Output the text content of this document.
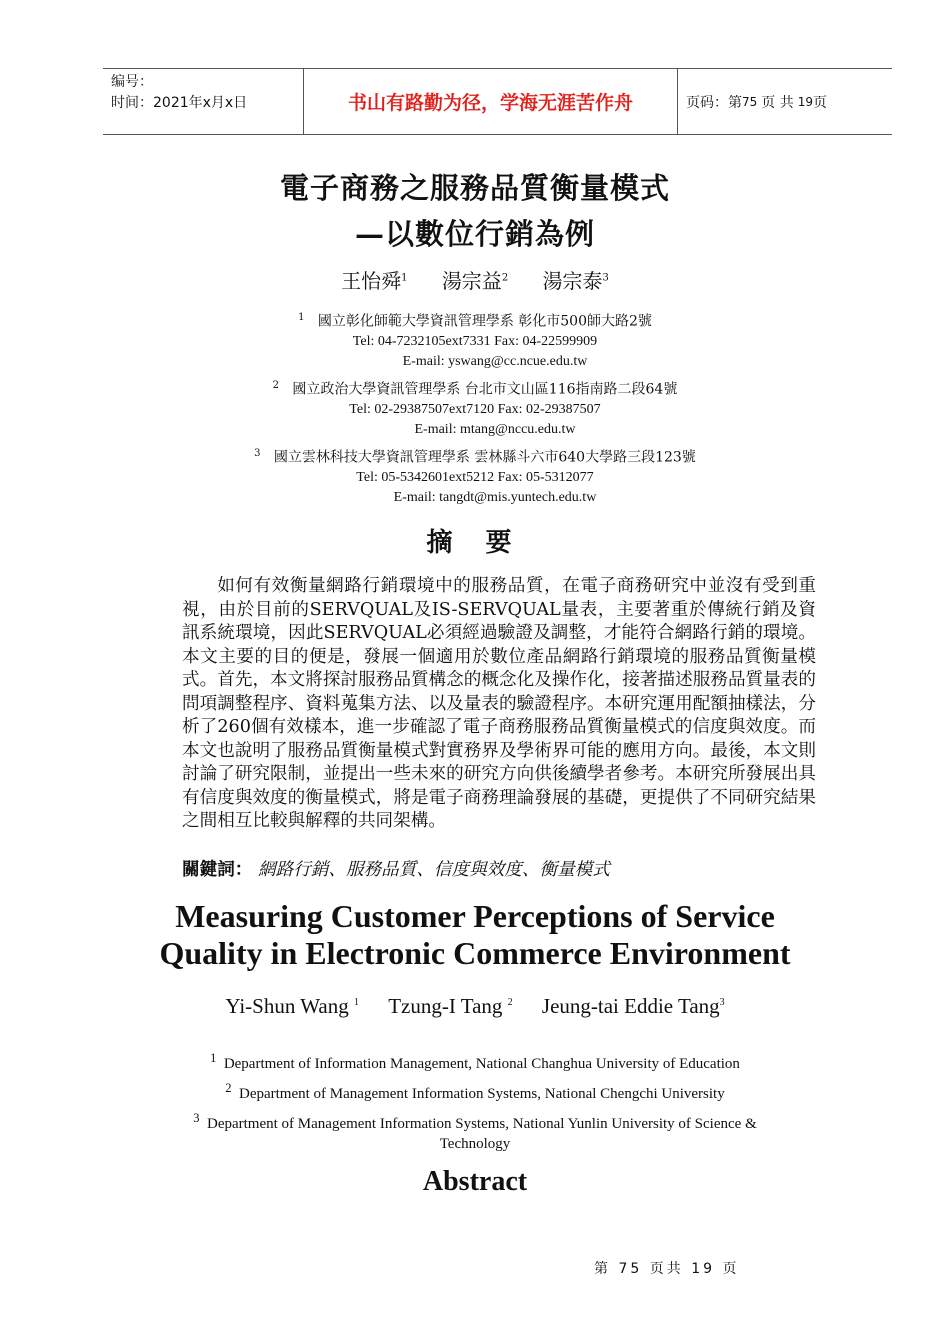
编号：
时间：2021年x月x日	书山有路勤为径，学海无涯苦作舟	页码：第 75 页 共 19 页
電子商務之服務品質衡量模式
—以數位行銷為例
王怡舜$^1$ 湯宗益$^2$ 湯宗泰$^3$
$^1$ 國立彰化師範大學資訊管理學系 彰化市500師大路2號
Tel: 04-7232105ext7331 Fax: 04-22599909
E-mail: yswang@cc.ncue.edu.tw
$^2$ 國立政治大學資訊管理學系 台北市文山區116指南路二段64號
Tel: 02-29387507ext7120 Fax: 02-29387507
E-mail: mtang@nccu.edu.tw
$^3$ 國立雲林科技大學資訊管理學系 雲林縣斗六市640大學路三段123號
Tel: 05-5342601ext5212 Fax: 05-5312077
E-mail: tangdt@mis.yuntech.edu.tw
摘 要

如何有效衡量網路行銷環境中的服務品質，在電子商務研究中並沒有受到重視，由於目前的SERVQUAL及IS-SERVQUAL量表，主要著重於傳統行銷及資訊系統環境，因此SERVQUAL必須經過驗證及調整，才能符合網路行銷的環境。本文主要的目的便是，發展一個適用於數位產品網路行銷環境的服務品質衡量模式。首先，本文將探討服務品質構念的概念化及操作化，接著描述服務品質量表的問項調整程序、資料蒐集方法、以及量表的驗證程序。本研究運用配額抽樣法，分析了260個有效樣本，進一步確認了電子商務服務品質衡量模式的信度與效度。而本文也說明了服務品質衡量模式對實務界及學術界可能的應用方向。最後，本文則討論了研究限制，並提出一些未來的研究方向供後續學者參考。本研究所發展出具有信度與效度的衡量模式，將是電子商務理論發展的基礎，更提供了不同研究結果之間相互比較與解釋的共同架構。

關鍵詞： 網路行銷、服務品質、信度與效度、衡量模式
Measuring Customer Perceptions of Service
Quality in Electronic Commerce Environment
Yi-Shun Wang $^1$ Tzung-I Tang $^2$ Jeung-tai Eddie Tang$^3$
$^1$ Department of Information Management, National Changhua University of Education
$^2$ Department of Management Information Systems, National Chengchi University
$^3$ Department of Management Information Systems, National Yunlin University of Science &
Technology
Abstract
第 75 页共 19 页
